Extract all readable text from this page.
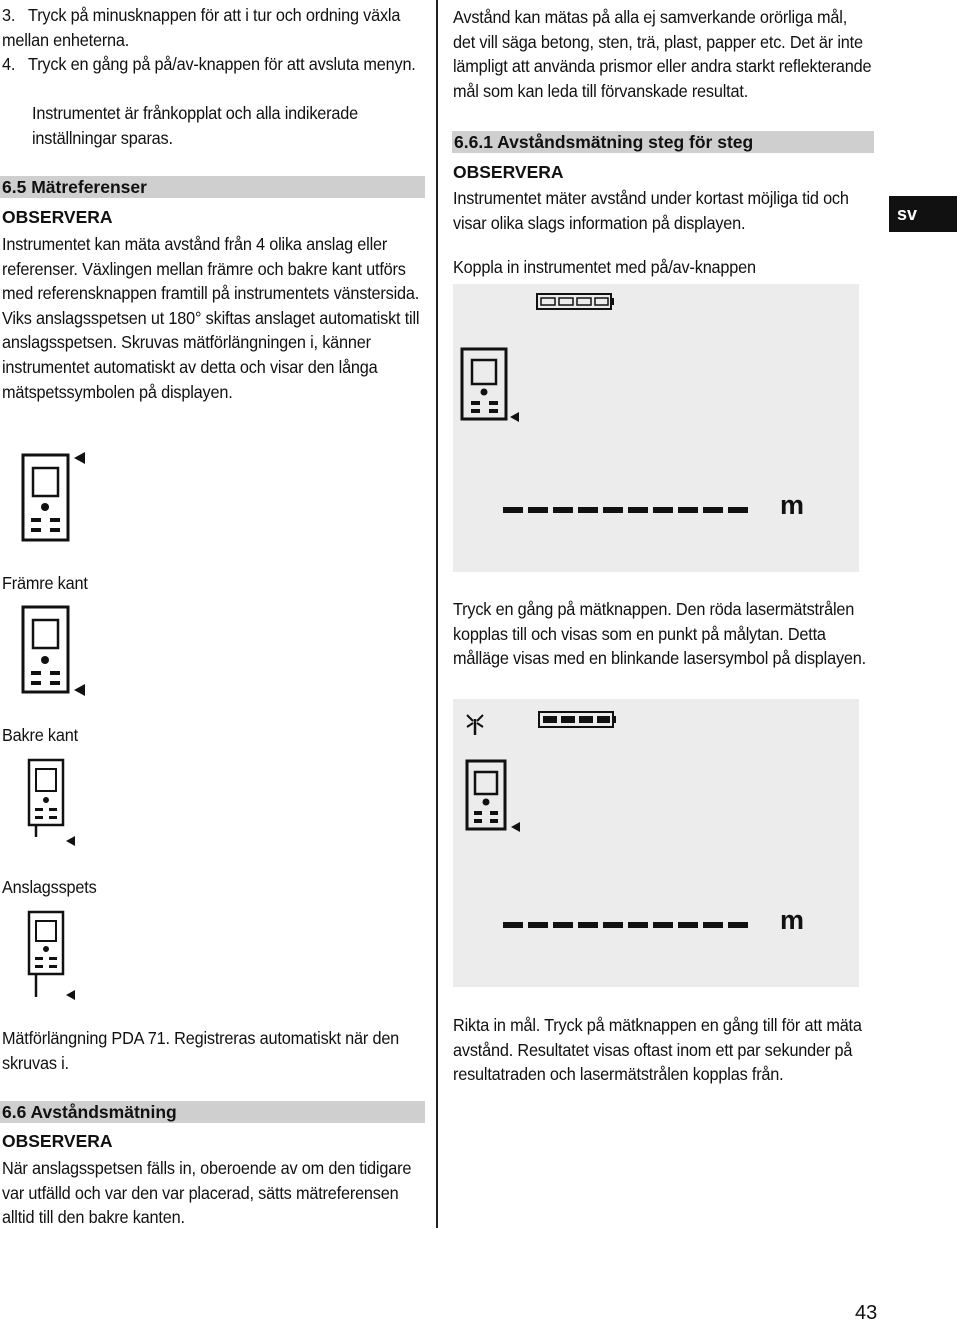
3. Tryck på minusknappen för att i tur och ordning växla mellan enheterna.
4. Tryck en gång på på/av-knappen för att avsluta menyn.
Instrumentet är frånkopplat och alla indikerade inställningar sparas.
6.5 Mätreferenser
OBSERVERA
Instrumentet kan mäta avstånd från 4 olika anslag eller referenser. Växlingen mellan främre och bakre kant utförs med referensknappen framtill på instrumentets vänstersida. Viks anslagsspetsen ut 180° skiftas anslaget automatiskt till anslagsspetsen. Skruvas mätförlängningen i, känner instrumentet automatiskt av detta och visar den långa mätspetssymbolen på displayen.
Främre kant
Bakre kant
Anslagsspets
Mätförlängning PDA 71. Registreras automatiskt när den skruvas i.
6.6 Avståndsmätning
OBSERVERA
När anslagsspetsen fälls in, oberoende av om den tidigare var utfälld och var den var placerad, sätts mätreferensen alltid till den bakre kanten.
Avstånd kan mätas på alla ej samverkande orörliga mål, det vill säga betong, sten, trä, plast, papper etc. Det är inte lämpligt att använda prismor eller andra starkt reflekterande mål som kan leda till förvanskade resultat.
6.6.1 Avståndsmätning steg för steg
OBSERVERA
Instrumentet mäter avstånd under kortast möjliga tid och visar olika slags information på displayen.
Koppla in instrumentet med på/av-knappen
sv
m
Tryck en gång på mätknappen. Den röda lasermätstrålen kopplas till och visas som en punkt på målytan. Detta målläge visas med en blinkande lasersymbol på displayen.
m
Rikta in mål. Tryck på mätknappen en gång till för att mäta avstånd. Resultatet visas oftast inom ett par sekunder på resultatraden och lasermätstrålen kopplas från.
43
